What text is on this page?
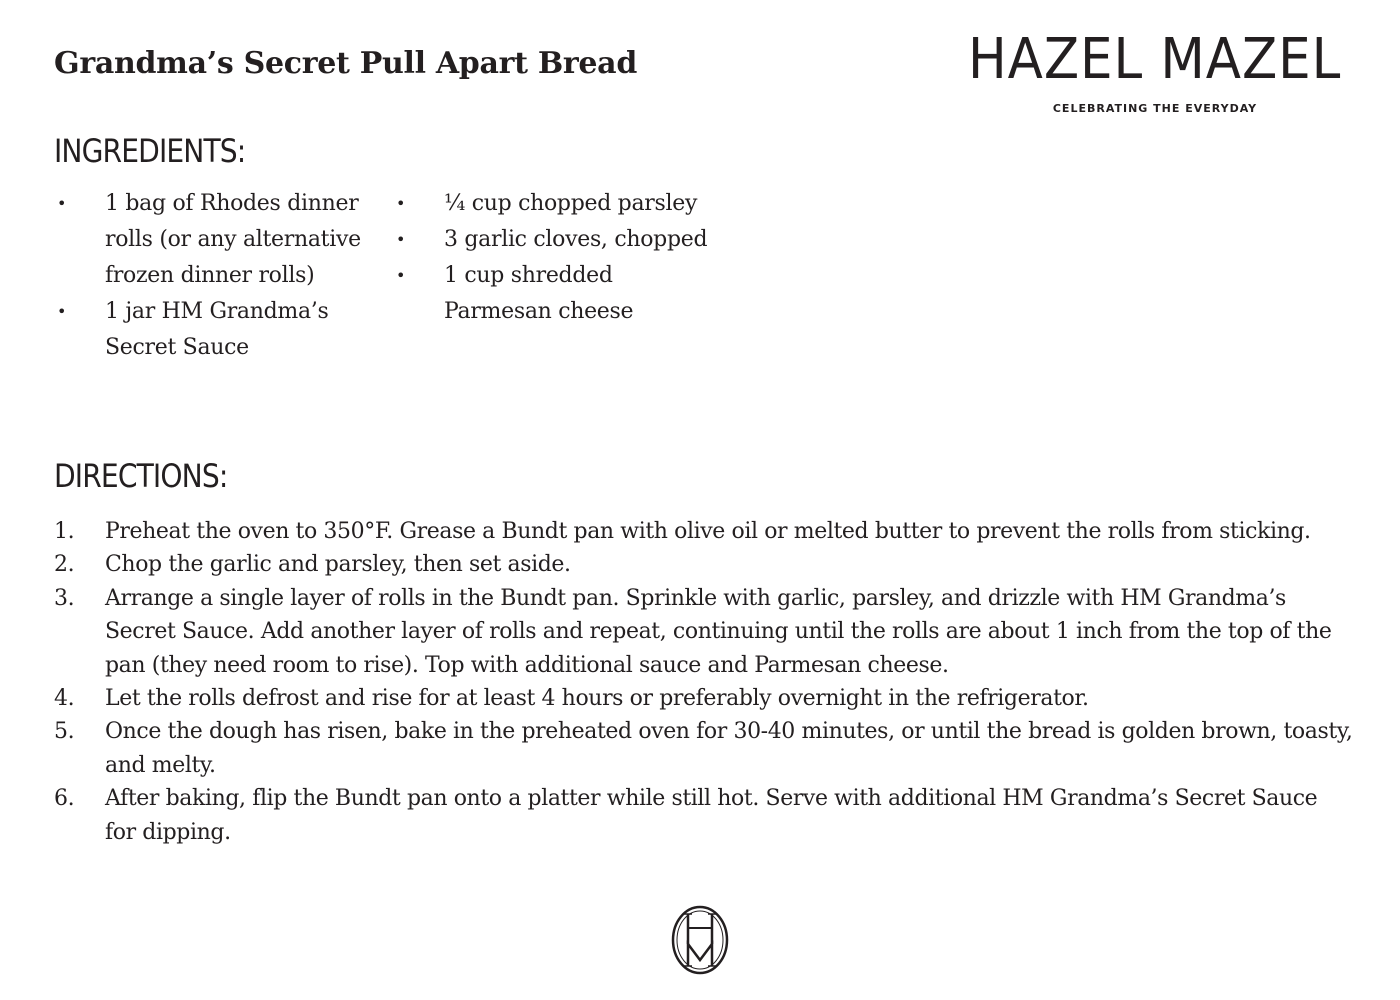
Grandma’s Secret Pull Apart Bread	HAZEL MAZEL
CELEBRATING THE EVERYDAY
INGREDIENTS:
• 1 bag of Rhodes dinner rolls (or any alternative frozen dinner rolls)
• 1 jar HM Grandma’s Secret Sauce
• ¼ cup chopped parsley
• 3 garlic cloves, chopped
• 1 cup shredded Parmesan cheese
DIRECTIONS:
1. Preheat the oven to 350°F. Grease a Bundt pan with olive oil or melted butter to prevent the rolls from sticking.
2. Chop the garlic and parsley, then set aside.
3. Arrange a single layer of rolls in the Bundt pan. Sprinkle with garlic, parsley, and drizzle with HM Grandma’s Secret Sauce. Add another layer of rolls and repeat, continuing until the rolls are about 1 inch from the top of the pan (they need room to rise). Top with additional sauce and Parmesan cheese.
4. Let the rolls defrost and rise for at least 4 hours or preferably overnight in the refrigerator.
5. Once the dough has risen, bake in the preheated oven for 30-40 minutes, or until the bread is golden brown, toasty, and melty.
6. After baking, flip the Bundt pan onto a platter while still hot. Serve with additional HM Grandma’s Secret Sauce for dipping.
